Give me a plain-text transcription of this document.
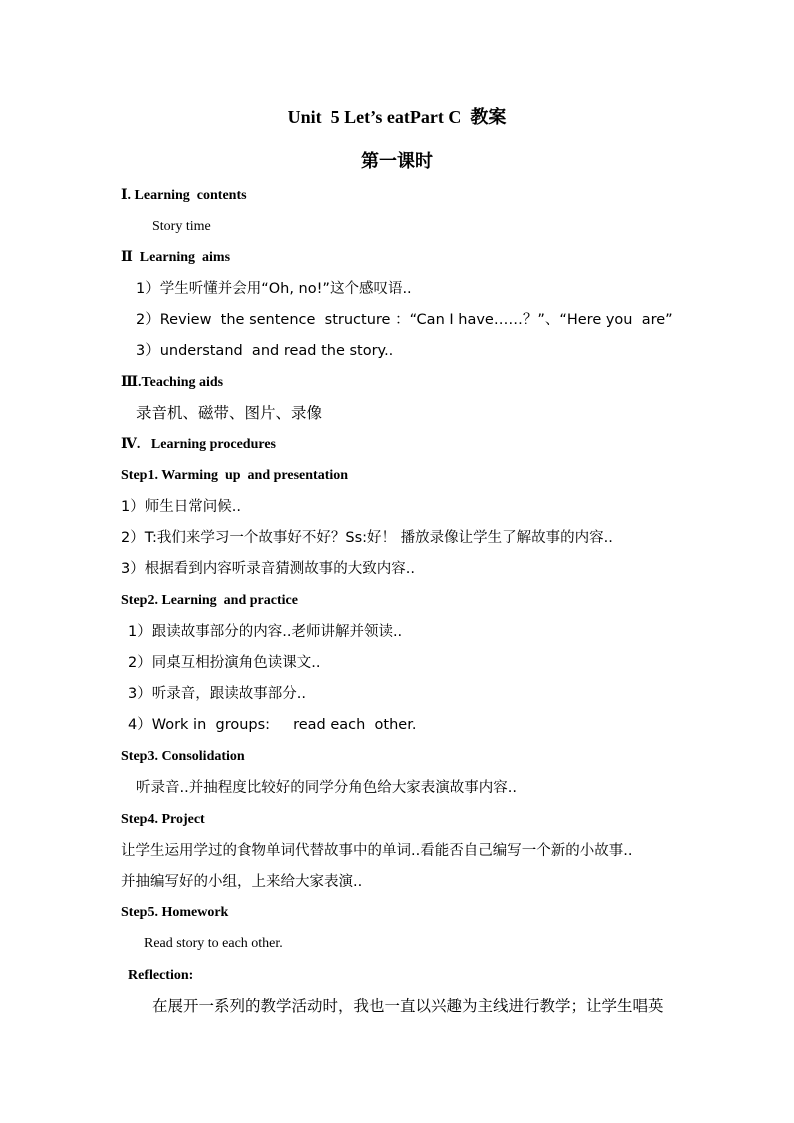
Unit  5 Let’s eatPart C  教案
第一课时
Ⅰ. Learning  contents
Story time
Ⅱ  Learning  aims
1）学生听懂并会用“Oh, no!”这个感叹语..
2）Review  the sentence  structure ：“Can I have……？”、“Here you  are”
3）understand  and read the story..
Ⅲ.Teaching aids
录音机、磁带、图片、录像
Ⅳ.   Learning procedures
Step1. Warming  up  and presentation
1）师生日常问候..
2）T:我们来学习一个故事好不好？Ss:好！ 播放录像让学生了解故事的内容..
3）根据看到内容听录音猜测故事的大致内容..
Step2. Learning  and practice
1）跟读故事部分的内容..老师讲解并领读..
2）同桌互相扮演角色读课文..
3）听录音，跟读故事部分..
4）Work in  groups:     read each  other.
Step3. Consolidation
听录音..并抽程度比较好的同学分角色给大家表演故事内容..
Step4. Project
让学生运用学过的食物单词代替故事中的单词..看能否自己编写一个新的小故事..
并抽编写好的小组，上来给大家表演..
Step5. Homework
Read story to each other.
Reflection:
在展开一系列的教学活动时，我也一直以兴趣为主线进行教学；让学生唱英
